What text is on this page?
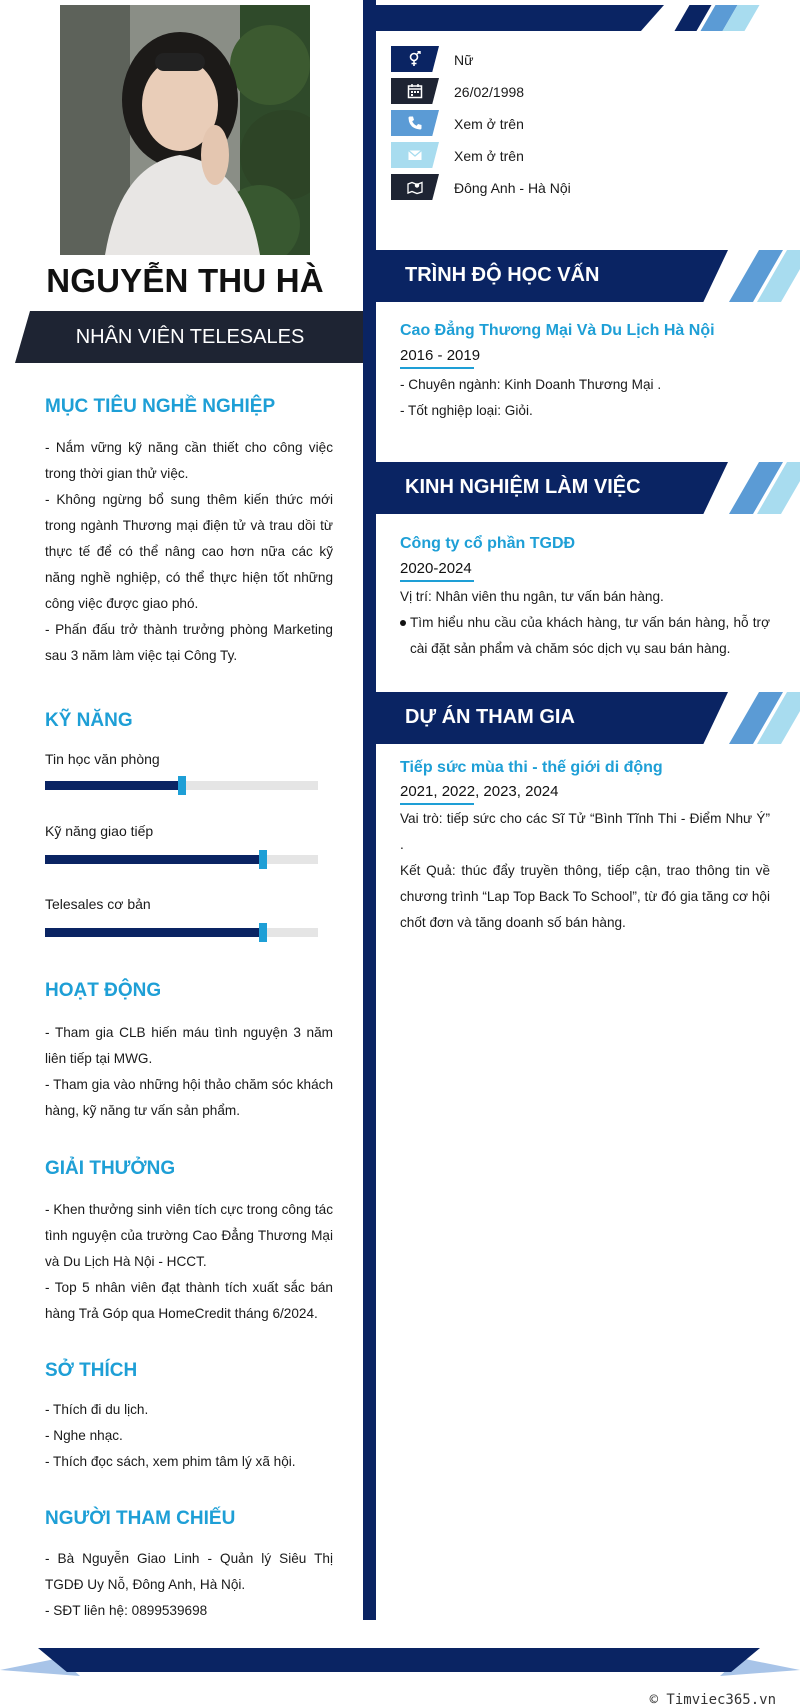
NGUYỄN THU HÀ
NHÂN VIÊN TELESALES
MỤC TIÊU NGHỀ NGHIỆP
- Nắm vững kỹ năng cần thiết cho công việc trong thời gian thử việc.
- Không ngừng bổ sung thêm kiến thức mới trong ngành Thương mại điện tử và trau dồi từ thực tế để có thể nâng cao hơn nữa các kỹ năng nghề nghiệp, có thể thực hiện tốt những công việc được giao phó.
- Phấn đấu trở thành trưởng phòng Marketing sau 3 năm làm việc tại Công Ty.
KỸ NĂNG
Tin học văn phòng
Kỹ năng giao tiếp
Telesales cơ bản
HOẠT ĐỘNG
- Tham gia CLB hiến máu tình nguyện 3 năm liên tiếp tại MWG.
- Tham gia vào những hội thảo chăm sóc khách hàng, kỹ năng tư vấn sản phẩm.
GIẢI THƯỞNG
- Khen thưởng sinh viên tích cực trong công tác tình nguyện của trường Cao Đẳng Thương Mại và Du Lịch Hà Nội - HCCT.
- Top 5 nhân viên đạt thành tích xuất sắc bán hàng Trả Góp qua HomeCredit tháng 6/2024.
SỞ THÍCH
- Thích đi du lịch.
- Nghe nhạc.
- Thích đọc sách, xem phim tâm lý xã hội.
NGƯỜI THAM CHIẾU
- Bà Nguyễn Giao Linh - Quản lý Siêu Thị TGDĐ Uy Nỗ, Đông Anh, Hà Nội.
- SĐT liên hệ: 0899539698
Nữ
26/02/1998
Xem ở trên
Xem ở trên
Đông Anh - Hà Nội
TRÌNH ĐỘ HỌC VẤN
Cao Đẳng Thương Mại Và Du Lịch Hà Nội
2016 - 2019
- Chuyên ngành: Kinh Doanh Thương Mại .
- Tốt nghiệp loại: Giỏi.
KINH NGHIỆM LÀM VIỆC
Công ty cổ phần TGDĐ
2020-2024
Vị trí: Nhân viên thu ngân, tư vấn bán hàng.
Tìm hiểu nhu cầu của khách hàng, tư vấn bán hàng, hỗ trợ cài đặt sản phẩm và chăm sóc dịch vụ sau bán hàng.
DỰ ÁN THAM GIA
Tiếp sức mùa thi - thế giới di động
2021, 2022, 2023, 2024
Vai trò: tiếp sức cho các Sĩ Tử “Bình Tĩnh Thi - Điểm Như Ý” .
Kết Quả: thúc đẩy truyền thông, tiếp cận, trao thông tin về chương trình “Lap Top Back To School”, từ đó gia tăng cơ hội chốt đơn và tăng doanh số bán hàng.
© Timviec365.vn
